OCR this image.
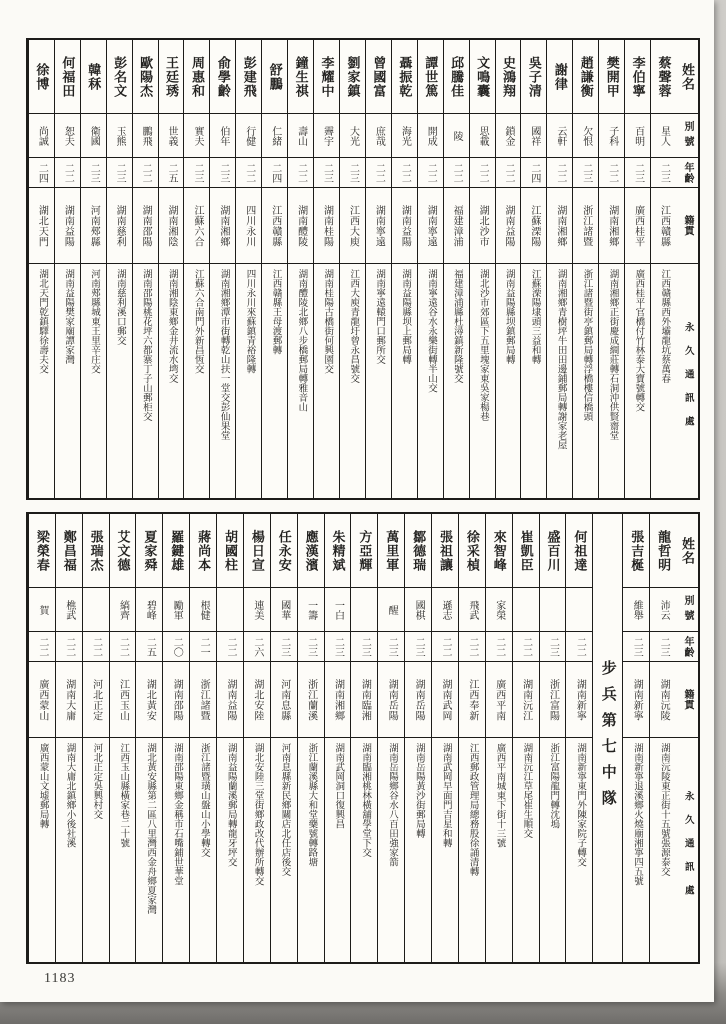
姓名
別號
年齡
籍貫
永久通訊處
蔡聲蓉
星人
二三
江西贛縣
江西贛縣西外壩龍坑蔡萬春
李伯寧
百明
二三
廣西桂平
廣西桂平官橋付竹林泰大寶號轉交
樊開甲
子科
二二
湖南湘鄉
湖南湘鄉正街慶成綢莊轉石洞沖供賢齋堂
趙謙衡
欠恨
二三
浙江諸暨
浙江諸暨街亭鎮郵局轉浮橋樓信橋頭
謝律
云軒
二二
湖南湘鄉
湖南湘鄉青樹坪牛田田邊鋪郵局轉謝家老屋
吳子清
國祥
二四
江蘇溧陽
江蘇溧陽埭頭三益和轉
史鴻翔
鎖金
二二
湖南益陽
湖南益陽縣坝鎮郵局轉
文鳴囊
思載
二二
湖北沙市
湖北沙市郊區下五里塊家東吳家楊巷
邱騰佳
陵
二二
福建漳浦
福建漳浦縣杜潯鎮新隆號交
譚世篤
開成
二二
湖南寧遠
湖南寧遠谷水永樂街轉半山交
聶振乾
海光
二二
湖南益陽
湖南益陽縣坝上郵局轉
曾國富
庶哉
二二
湖南寧遠
湖南寧遠轅門口郵所交
劉家鎮
大光
二三
江西大庾
江西大庾青龍圩曾永昌號交
李耀中
霽宇
二三
湖南桂陽
湖南桂陽古橋街何興園交
鐘生祺
壽山
二二
湖南醴陵
湖南醴陵北鄉八步橋郵局轉雅音山
舒鵬
仁緒
二四
江西贛縣
江西贛縣王母渡郵轉
彭建飛
行健
二二
四川永川
四川永川來蘇鎮青裕隆轉
俞學齡
伯年
二三
湖南湘鄉
湖南湘鄉潭市街轉乾山扶一堂交彭仙果堂
周惠和
實夫
二三
江蘇六合
江蘇六合南門外新昌恆交
王廷琇
世義
二五
湖南湘陰
湖南湘陰東鄉金井流水塆交
歐陽杰
鵬飛
二二
湖南邵陽
湖南邵陽桃花坪六都寨丁子山郵柜交
彭名文
玉熊
二三
湖南慈利
湖南慈利溪口郵交
韓秝
衛國
二三
河南郟縣
河南郟縣城東王里辛庄交
何福田
恕夫
二二
湖南益陽
湖南益陽樊家廟譚家灣
徐博
尚誠
二四
湖北天門
湖北天門乾鎮驛徐壽夫交
姓名
別號
年齡
籍貫
永久通訊處
龍哲明
沛云
二三
湖南沅陵
湖南沅陵東正街十五號張源泰交
張吉梴
維舉
二三
湖南新寧
湖南新寧退溪鄉火燒廟湘寧四五號
步兵第七中隊
何祖達
二二
湖南新寧
湖南新寧東門外陳家院子轉交
盛百川
二三
浙江富陽
浙江富陽龍門轉沈塢
崔凱臣
二二
湖南沅江
湖南沅江草尾崔生順交
來智峰
家榮
二二
廣西平南
廣西平南城東下街十三號
徐采楨
飛武
二二
江西奉新
江西郵政管理局總務股徐誦清轉
張祖讓
遜志
二二
湖南武岡
湖南武岡早面門吉星和轉
鄒德瑞
國棋
二三
湖南岳陽
湖南岳陽黃沙街郵局轉
萬里軍
醒
二三
湖南岳陽
湖南岳陽鄉谷水八百田強家箭
方亞輝
二三
湖南臨湘
湖南臨湘桃林橫舖學堂下交
朱精斌
一白
二三
湖南湘鄉
湖南武岡洞口復興昌
應漢濱
一籌
二三
浙江蘭溪
浙江蘭溪縣大和堂藥號轉路塘
任永安
國華
二三
河南息縣
河南息縣新民鄉關店北任店後交
楊日宣
連美
二六
湖北安陸
湖北安陸三堂街鄉政改代辦所轉交
胡國柱
二二
湖南益陽
湖南益陽蘭溪郵局轉龍牙坪交
蔣尚本
根健
二一
浙江諸暨
浙江諸暨璜山盤山小學轉交
羅鍵雄
勵軍
二〇
湖南邵陽
湖南邵陽東鄉金稱市石嘴鋪世華堂
夏家舜
碧峰
二五
湖北黃安
湖北黃安縣第二區八里灣西金舟鄉夏家灣
艾文德
縞齊
二二
江西玉山
江西玉山縣橫家巷二十號
張瑞杰
二二
河北正定
河北正定吳興村交
鄭昌福
樵武
二二
湖南大庸
湖南大庸北鎮鄉小後社溪
梁榮春
賀
二二
廣西蒙山
廣西蒙山文墟郵局轉
1183
